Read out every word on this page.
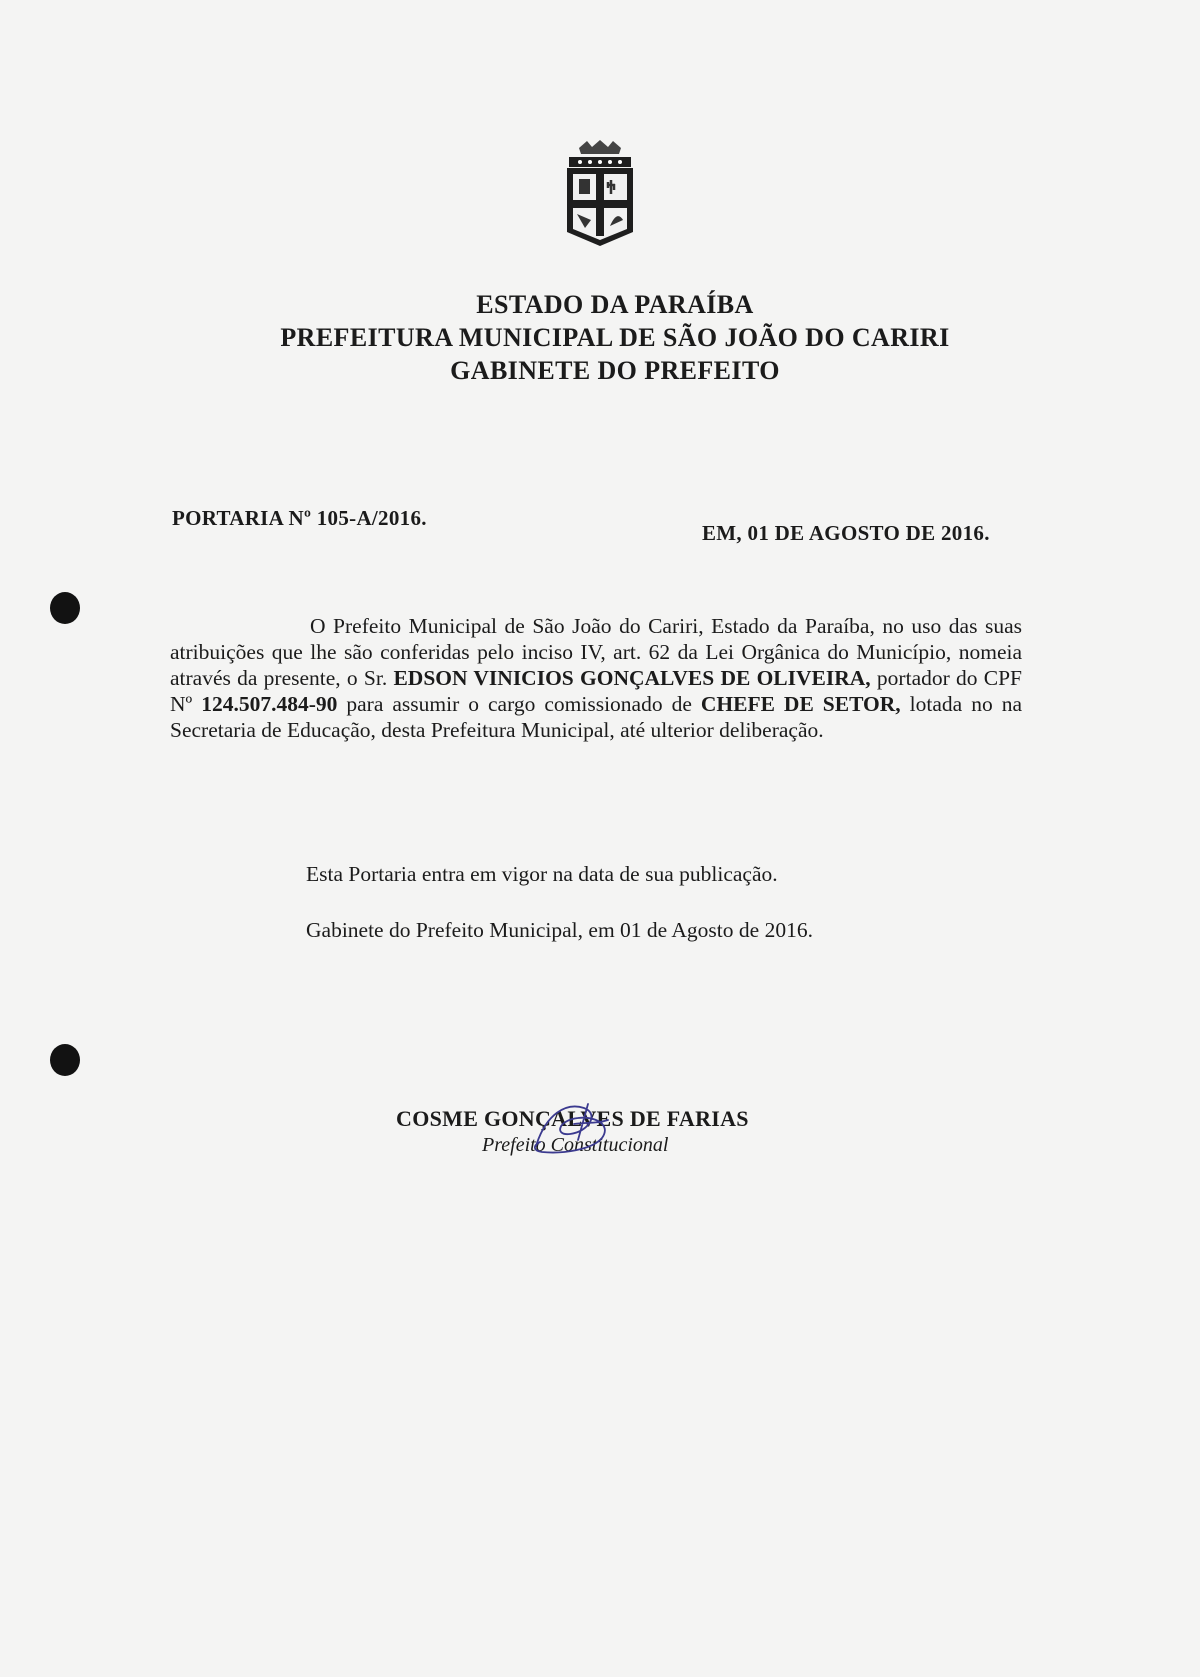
ESTADO DA PARAÍBA
PREFEITURA MUNICIPAL DE SÃO JOÃO DO CARIRI
GABINETE DO PREFEITO
PORTARIA Nº 105-A/2016.
EM, 01 DE AGOSTO DE 2016.
O Prefeito Municipal de São João do Cariri, Estado da Paraíba, no uso das suas atribuições que lhe são conferidas pelo inciso IV, art. 62 da Lei Orgânica do Município, nomeia através da presente, o Sr. EDSON VINICIOS GONÇALVES DE OLIVEIRA, portador do CPF Nº 124.507.484-90 para assumir o cargo comissionado de CHEFE DE SETOR, lotada no na Secretaria de Educação, desta Prefeitura Municipal, até ulterior deliberação.
Esta Portaria entra em vigor na data de sua publicação.
Gabinete do Prefeito Municipal, em 01 de Agosto de 2016.
COSME GONÇALVES DE FARIAS
Prefeito Constitucional
